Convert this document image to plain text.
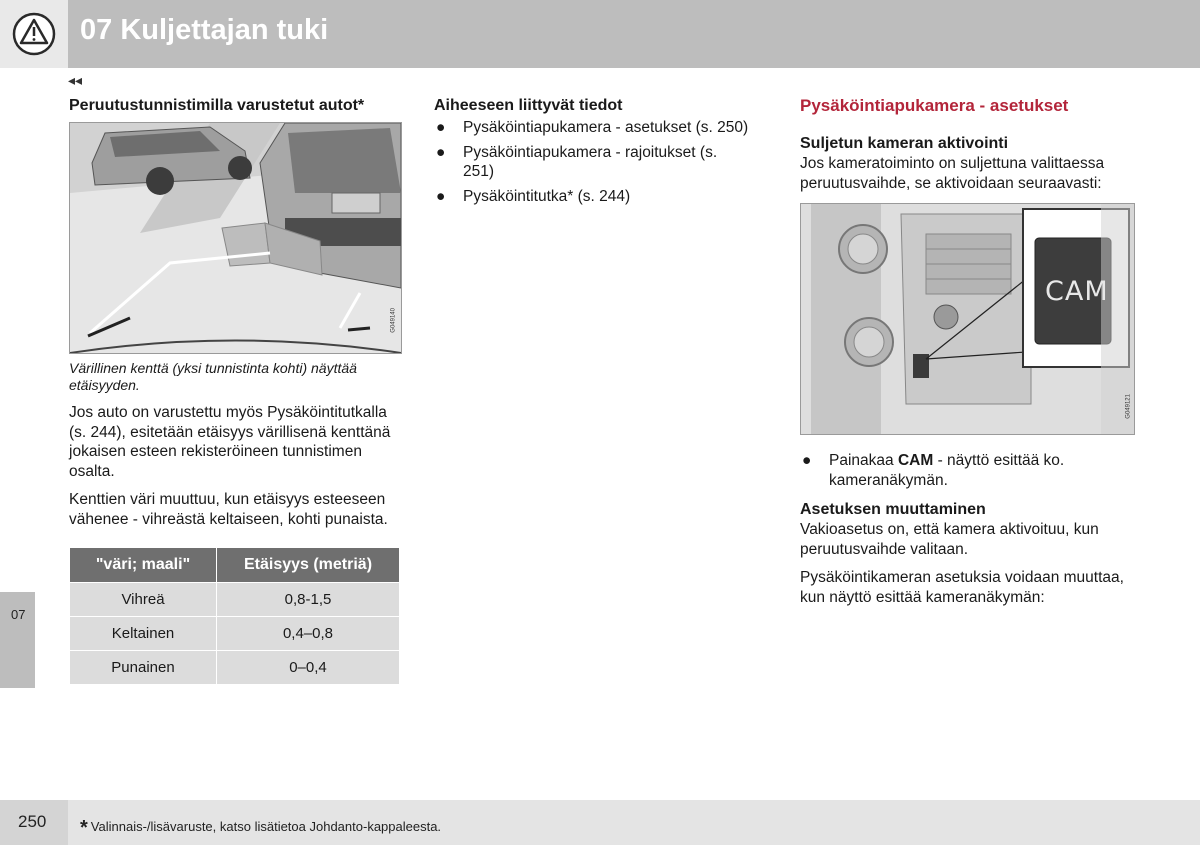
07 Kuljettajan tuki
◂◂
07
Peruutustunnistimilla varustetut autot*
G049140
Värillinen kenttä (yksi tunnistinta kohti) näyttää etäisyyden.

Jos auto on varustettu myös Pysäköintitutkalla (s. 244), esitetään etäisyys värillisenä kenttänä jokaisen esteen rekisteröineen tunnistimen osalta.

Kenttien väri muuttuu, kun etäisyys esteeseen vähenee - vihreästä keltaiseen, kohti punaista.

"väri; maali"	Etäisyys (metriä)
Vihreä	0,8-1,5
Keltainen	0,4–0,8
Punainen	0–0,4
Aiheeseen liittyvät tiedot
● Pysäköintiapukamera - asetukset (s. 250)
● Pysäköintiapukamera - rajoitukset (s. 251)
● Pysäköintitutka* (s. 244)
Pysäköintiapukamera - asetukset
Suljetun kameran aktivointi

Jos kameratoiminto on suljettuna valittaessa peruutusvaihde, se aktivoidaan seuraavasti:

CAM
G049121
● Painakaa CAM - näyttö esittää ko. kameranäkymän.
Asetuksen muuttaminen

Vakioasetus on, että kamera aktivoituu, kun peruutusvaihde valitaan.

Pysäköintikameran asetuksia voidaan muuttaa, kun näyttö esittää kameranäkymän:

250 * Valinnais-/lisävaruste, katso lisätietoa Johdanto-kappaleesta.
